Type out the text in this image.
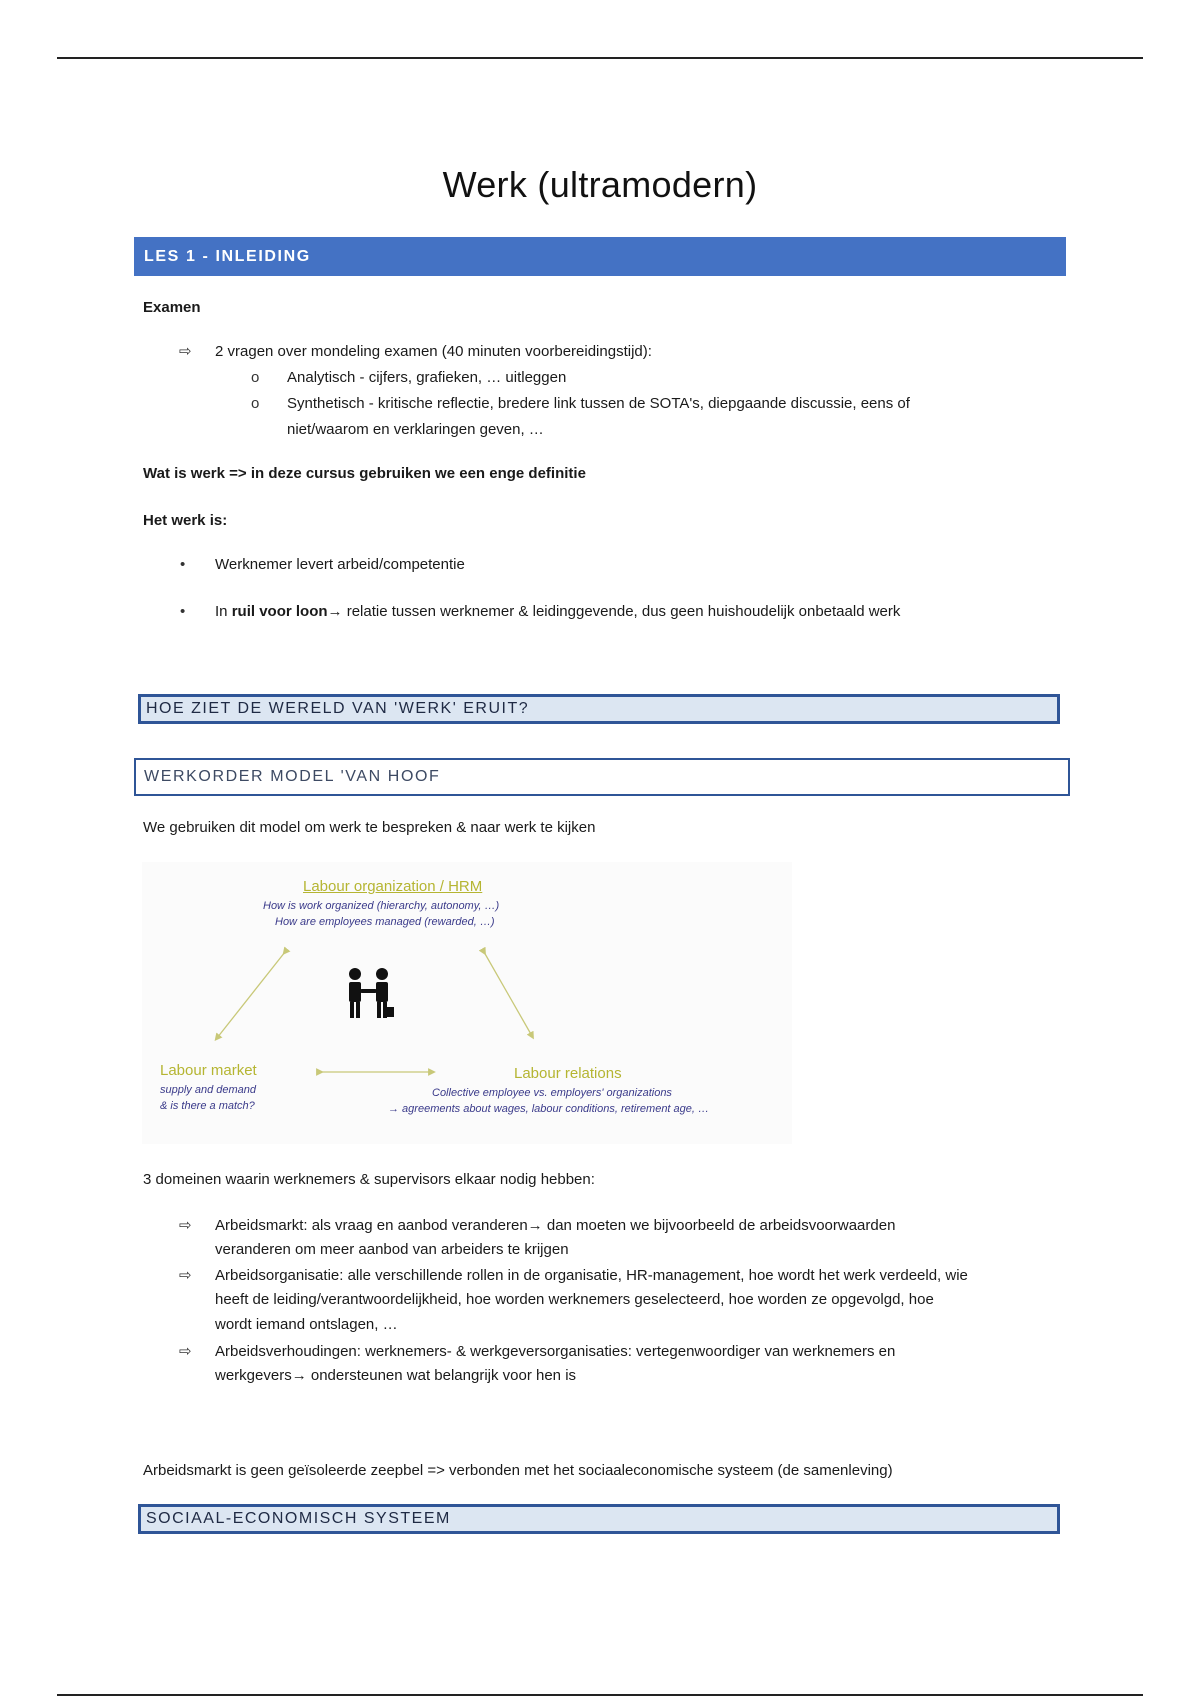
Werk (ultramodern)
LES 1 - INLEIDING
Examen
⇨ 2 vragen over mondeling examen (40 minuten voorbereidingstijd):
o Analytisch - cijfers, grafieken, … uitleggen
o Synthetisch - kritische reflectie, bredere link tussen de SOTA's, diepgaande discussie, eens of
niet/waarom en verklaringen geven, …
Wat is werk => in deze cursus gebruiken we een enge definitie
Het werk is:
• Werknemer levert arbeid/competentie
• In ruil voor loon→ relatie tussen werknemer & leidinggevende, dus geen huishoudelijk onbetaald werk
HOE ZIET DE WERELD VAN 'WERK' ERUIT?
WERKORDER MODEL 'VAN HOOF
We gebruiken dit model om werk te bespreken & naar werk te kijken
Labour organization / HRM
How is work organized (hierarchy, autonomy, …)
How are employees managed (rewarded, …)
Labour market
supply and demand
& is there a match?
Labour relations
Collective employee vs. employers' organizations
→ agreements about wages, labour conditions, retirement age, …
3 domeinen waarin werknemers & supervisors elkaar nodig hebben:
⇨ Arbeidsmarkt: als vraag en aanbod veranderen→ dan moeten we bijvoorbeeld de arbeidsvoorwaarden
veranderen om meer aanbod van arbeiders te krijgen
⇨ Arbeidsorganisatie: alle verschillende rollen in de organisatie, HR-management, hoe wordt het werk verdeeld, wie
heeft de leiding/verantwoordelijkheid, hoe worden werknemers geselecteerd, hoe worden ze opgevolgd, hoe
wordt iemand ontslagen, …
⇨ Arbeidsverhoudingen: werknemers- & werkgeversorganisaties: vertegenwoordiger van werknemers en
werkgevers→ ondersteunen wat belangrijk voor hen is
Arbeidsmarkt is geen geïsoleerde zeepbel => verbonden met het sociaaleconomische systeem (de samenleving)
SOCIAAL-ECONOMISCH SYSTEEM
